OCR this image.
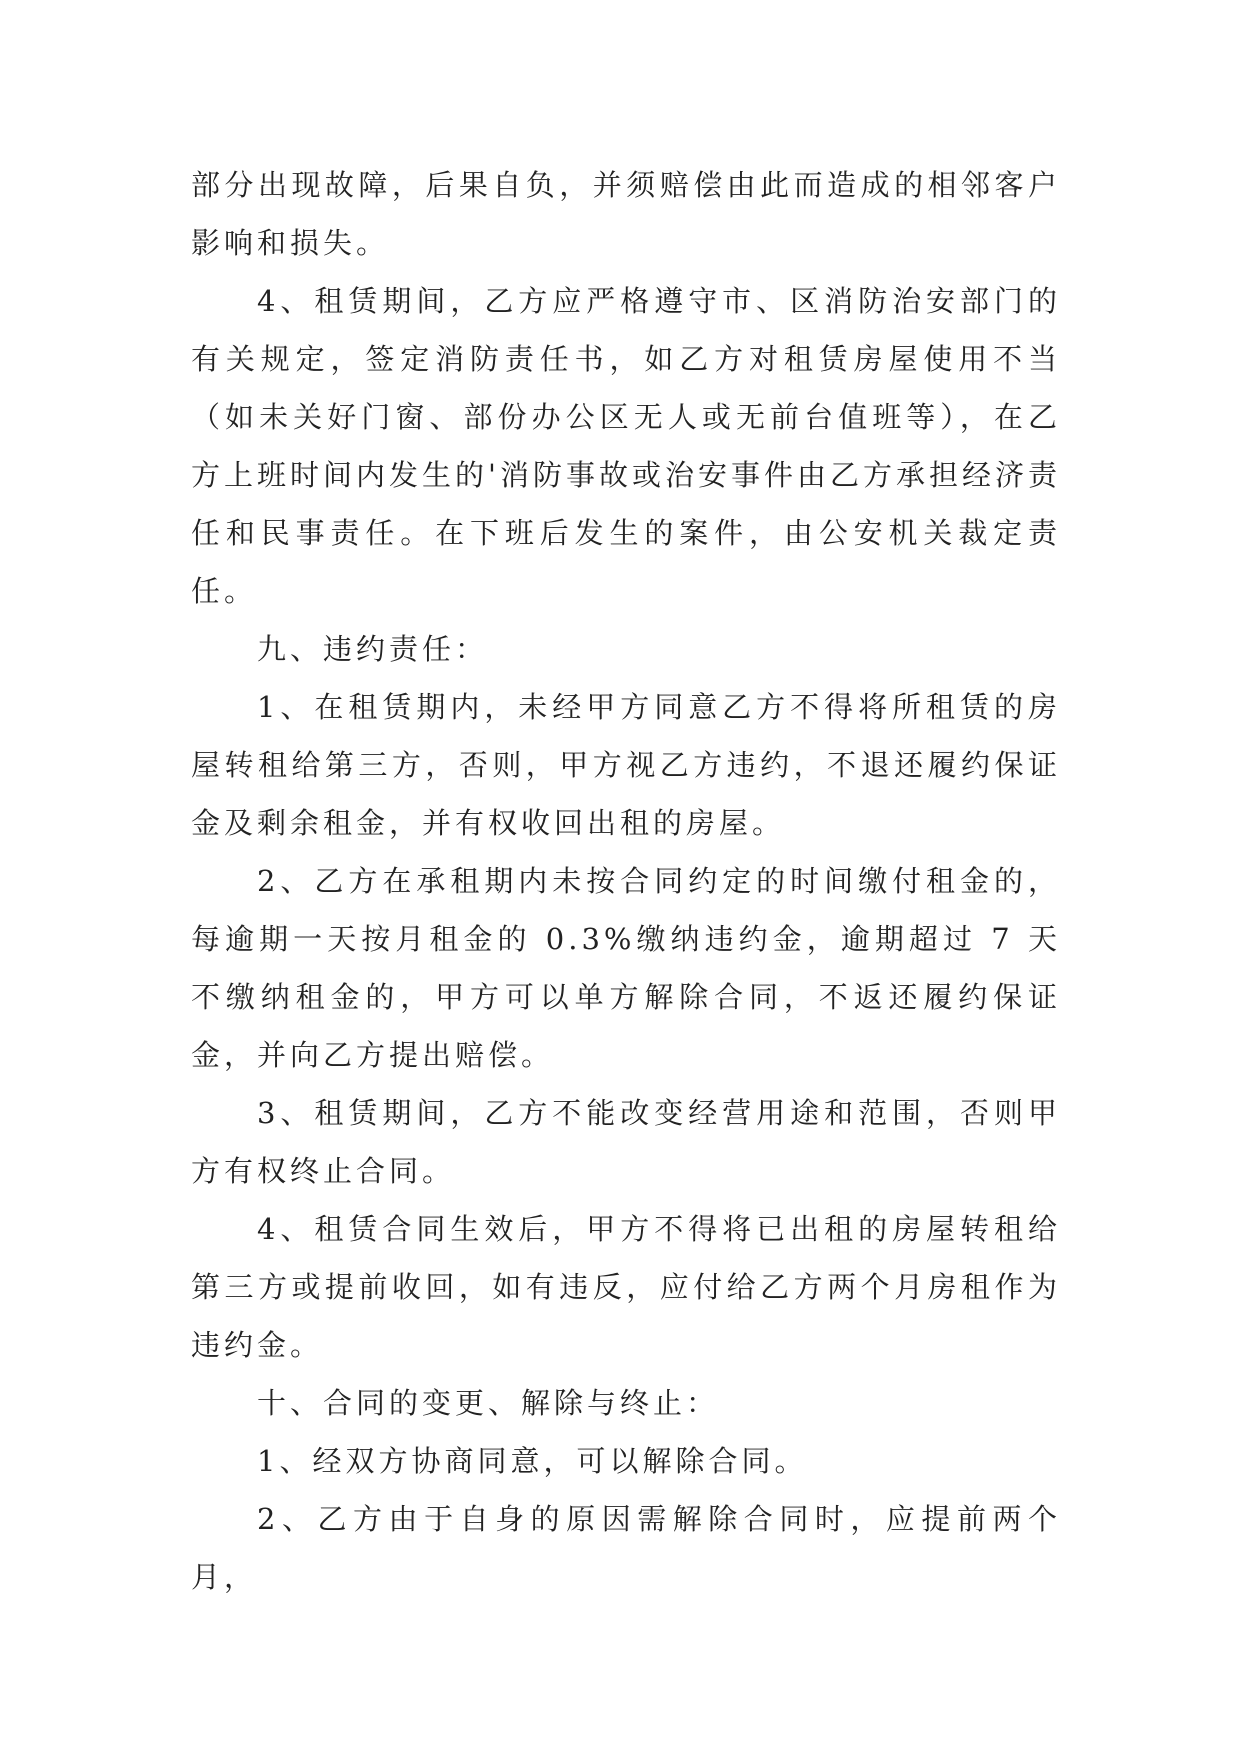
部分出现故障，后果自负，并须赔偿由此而造成的相邻客户影响和损失。

4、租赁期间，乙方应严格遵守市、区消防治安部门的有关规定，签定消防责任书，如乙方对租赁房屋使用不当（如未关好门窗、部份办公区无人或无前台值班等），在乙方上班时间内发生的'消防事故或治安事件由乙方承担经济责任和民事责任。在下班后发生的案件，由公安机关裁定责任。

九、违约责任：

1、在租赁期内，未经甲方同意乙方不得将所租赁的房屋转租给第三方，否则，甲方视乙方违约，不退还履约保证金及剩余租金，并有权收回出租的房屋。

2、乙方在承租期内未按合同约定的时间缴付租金的，每逾期一天按月租金的 0.3%缴纳违约金，逾期超过 7 天不缴纳租金的，甲方可以单方解除合同，不返还履约保证金，并向乙方提出赔偿。

3、租赁期间，乙方不能改变经营用途和范围，否则甲方有权终止合同。

4、租赁合同生效后，甲方不得将已出租的房屋转租给第三方或提前收回，如有违反，应付给乙方两个月房租作为违约金。

十、合同的变更、解除与终止：

1、经双方协商同意，可以解除合同。

2、乙方由于自身的原因需解除合同时，应提前两个月，
